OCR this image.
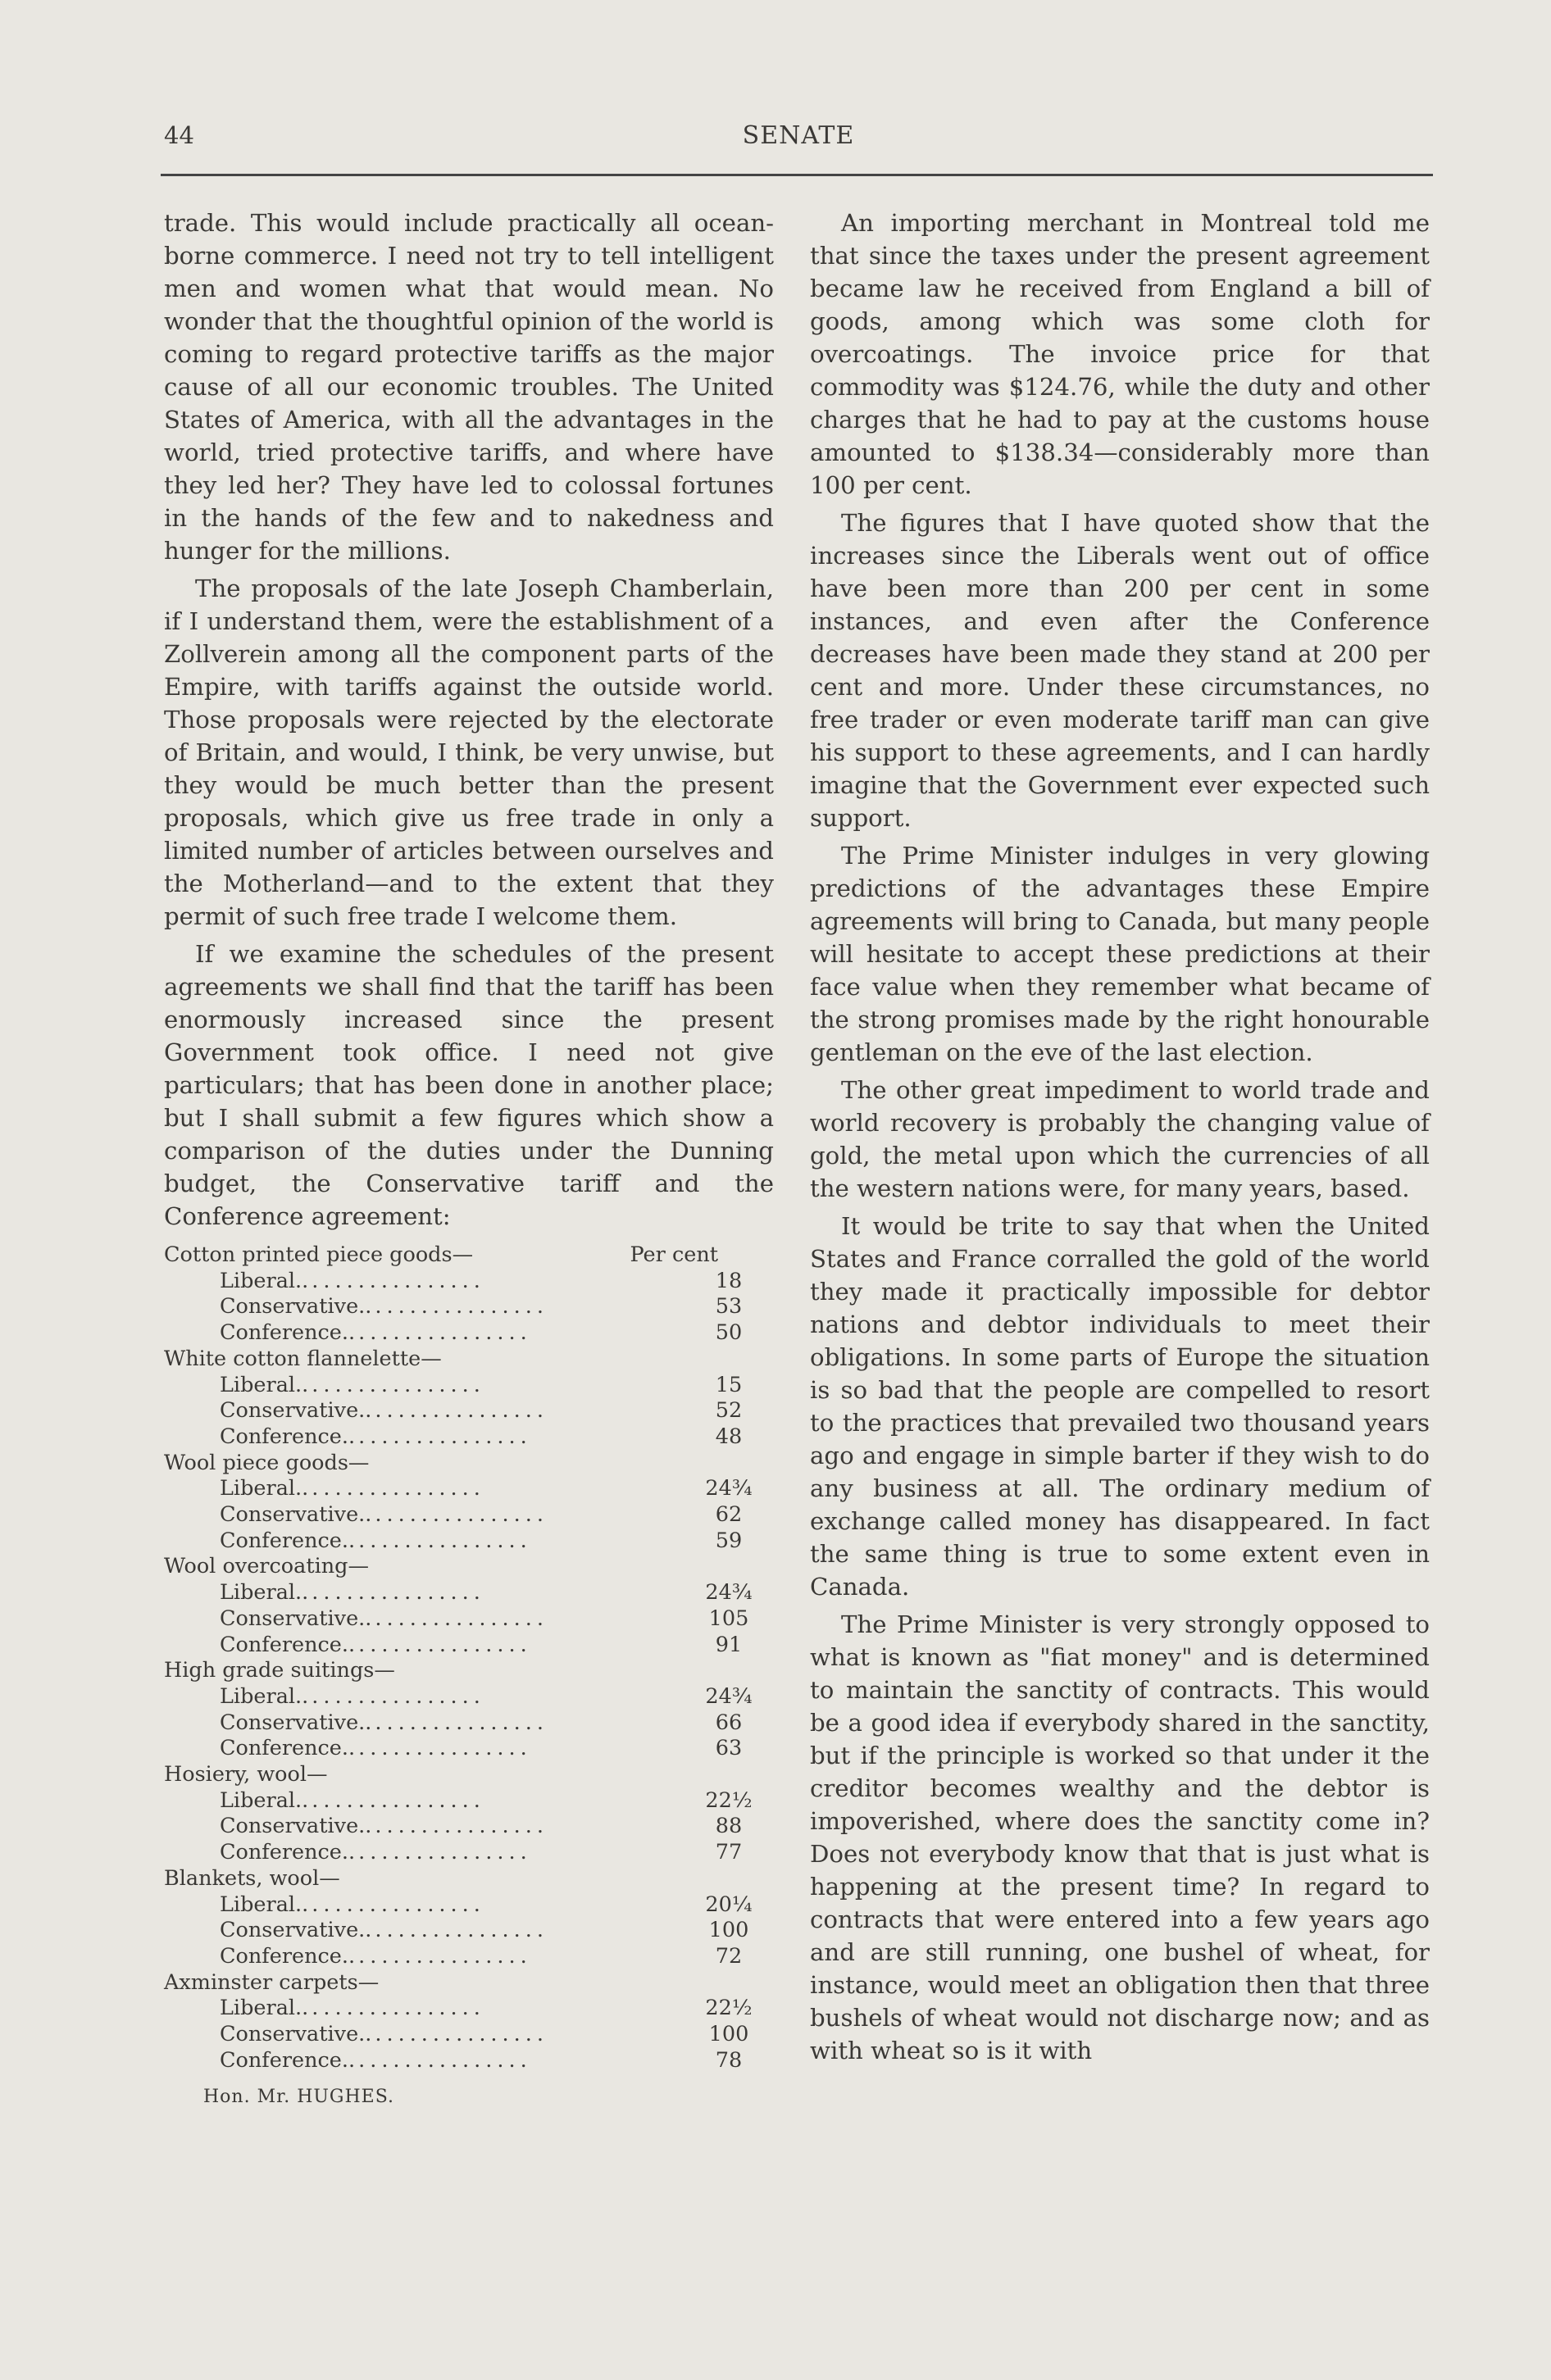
44	SENATE

trade. This would include practically all ocean-borne commerce. I need not try to tell intelligent men and women what that would mean. No wonder that the thoughtful opinion of the world is coming to regard protective tariffs as the major cause of all our economic troubles. The United States of America, with all the advantages in the world, tried protective tariffs, and where have they led her? They have led to colossal fortunes in the hands of the few and to nakedness and hunger for the millions.

The proposals of the late Joseph Chamberlain, if I understand them, were the establishment of a Zollverein among all the component parts of the Empire, with tariffs against the outside world. Those proposals were rejected by the electorate of Britain, and would, I think, be very unwise, but they would be much better than the present proposals, which give us free trade in only a limited number of articles between ourselves and the Motherland—and to the extent that they permit of such free trade I welcome them.

If we examine the schedules of the present agreements we shall find that the tariff has been enormously increased since the present Government took office. I need not give particulars; that has been done in another place; but I shall submit a few figures which show a comparison of the duties under the Dunning budget, the Conservative tariff and the Conference agreement:

Cotton printed piece goods—	Per cent
Liberal.. ...............	18
Conservative.. ...............	53
Conference.. ...............	50
White cotton flannelette—
Liberal.. ...............	15
Conservative.. ...............	52
Conference.. ...............	48
Wool piece goods—
Liberal.. ...............	24¾
Conservative.. ...............	62
Conference.. ...............	59
Wool overcoating—
Liberal.. ...............	24¾
Conservative.. ...............	105
Conference.. ...............	91
High grade suitings—
Liberal.. ...............	24¾
Conservative.. ...............	66
Conference.. ...............	63
Hosiery, wool—
Liberal.. ...............	22½
Conservative.. ...............	88
Conference.. ...............	77
Blankets, wool—
Liberal.. ...............	20¼
Conservative.. ...............	100
Conference.. ...............	72
Axminster carpets—
Liberal.. ...............	22½
Conservative.. ...............	100
Conference.. ...............	78
Hon. Mr. HUGHES.

An importing merchant in Montreal told me that since the taxes under the present agreement became law he received from England a bill of goods, among which was some cloth for overcoatings. The invoice price for that commodity was $124.76, while the duty and other charges that he had to pay at the customs house amounted to $138.34—considerably more than 100 per cent.

The figures that I have quoted show that the increases since the Liberals went out of office have been more than 200 per cent in some instances, and even after the Conference decreases have been made they stand at 200 per cent and more. Under these circumstances, no free trader or even moderate tariff man can give his support to these agreements, and I can hardly imagine that the Government ever expected such support.

The Prime Minister indulges in very glowing predictions of the advantages these Empire agreements will bring to Canada, but many people will hesitate to accept these predictions at their face value when they remember what became of the strong promises made by the right honourable gentleman on the eve of the last election.

The other great impediment to world trade and world recovery is probably the changing value of gold, the metal upon which the currencies of all the western nations were, for many years, based.

It would be trite to say that when the United States and France corralled the gold of the world they made it practically impossible for debtor nations and debtor individuals to meet their obligations. In some parts of Europe the situation is so bad that the people are compelled to resort to the practices that prevailed two thousand years ago and engage in simple barter if they wish to do any business at all. The ordinary medium of exchange called money has disappeared. In fact the same thing is true to some extent even in Canada.

The Prime Minister is very strongly opposed to what is known as "fiat money" and is determined to maintain the sanctity of contracts. This would be a good idea if everybody shared in the sanctity, but if the principle is worked so that under it the creditor becomes wealthy and the debtor is impoverished, where does the sanctity come in? Does not everybody know that that is just what is happening at the present time? In regard to contracts that were entered into a few years ago and are still running, one bushel of wheat, for instance, would meet an obligation then that three bushels of wheat would not discharge now; and as with wheat so is it with
